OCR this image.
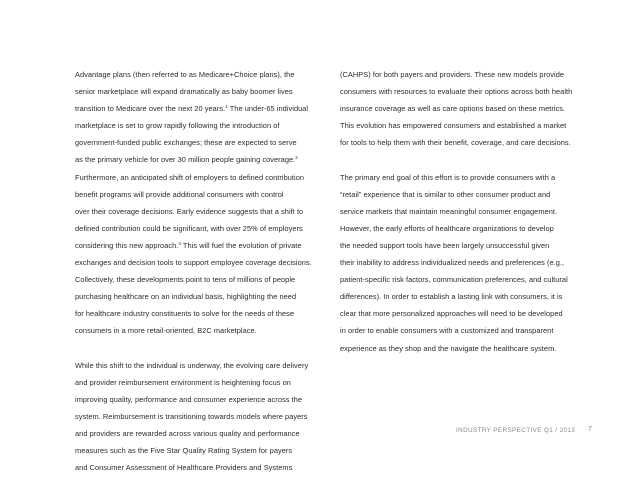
Advantage plans (then referred to as Medicare+Choice plans), the
senior marketplace will expand dramatically as baby boomer lives
transition to Medicare over the next 20 years.$^1$ The under-65 individual
marketplace is set to grow rapidly following the introduction of
government-funded public exchanges; these are expected to serve
as the primary vehicle for over 30 million people gaining coverage.$^2$
Furthermore, an anticipated shift of employers to defined contribution
benefit programs will provide additional consumers with control
over their coverage decisions. Early evidence suggests that a shift to
defined contribution could be significant, with over 25% of employers
considering this new approach.$^3$ This will fuel the evolution of private
exchanges and decision tools to support employee coverage decisions.
Collectively, these developments point to tens of millions of people
purchasing healthcare on an individual basis, highlighting the need
for healthcare industry constituents to solve for the needs of these
consumers in a more retail-oriented, B2C marketplace.
While this shift to the individual is underway, the evolving care delivery
and provider reimbursement environment is heightening focus on
improving quality, performance and consumer experience across the
system. Reimbursement is transitioning towards models where payers
and providers are rewarded across various quality and performance
measures such as the Five Star Quality Rating System for payers
and Consumer Assessment of Healthcare Providers and Systems
(CAHPS) for both payers and providers. These new models provide
consumers with resources to evaluate their options across both health
insurance coverage as well as care options based on these metrics.
This evolution has empowered consumers and established a market
for tools to help them with their benefit, coverage, and care decisions.
The primary end goal of this effort is to provide consumers with a
“retail” experience that is similar to other consumer product and
service markets that maintain meaningful consumer engagement.
However, the early efforts of healthcare organizations to develop
the needed support tools have been largely unsuccessful given
their inability to address individualized needs and preferences (e.g.,
patient-specific risk factors, communication preferences, and cultural
differences). In order to establish a lasting link with consumers, it is
clear that more personalized approaches will need to be developed
in order to enable consumers with a customized and transparent
experience as they shop and the navigate the healthcare system.
INDUSTRY PERSPECTIVE Q1 / 2013 7
